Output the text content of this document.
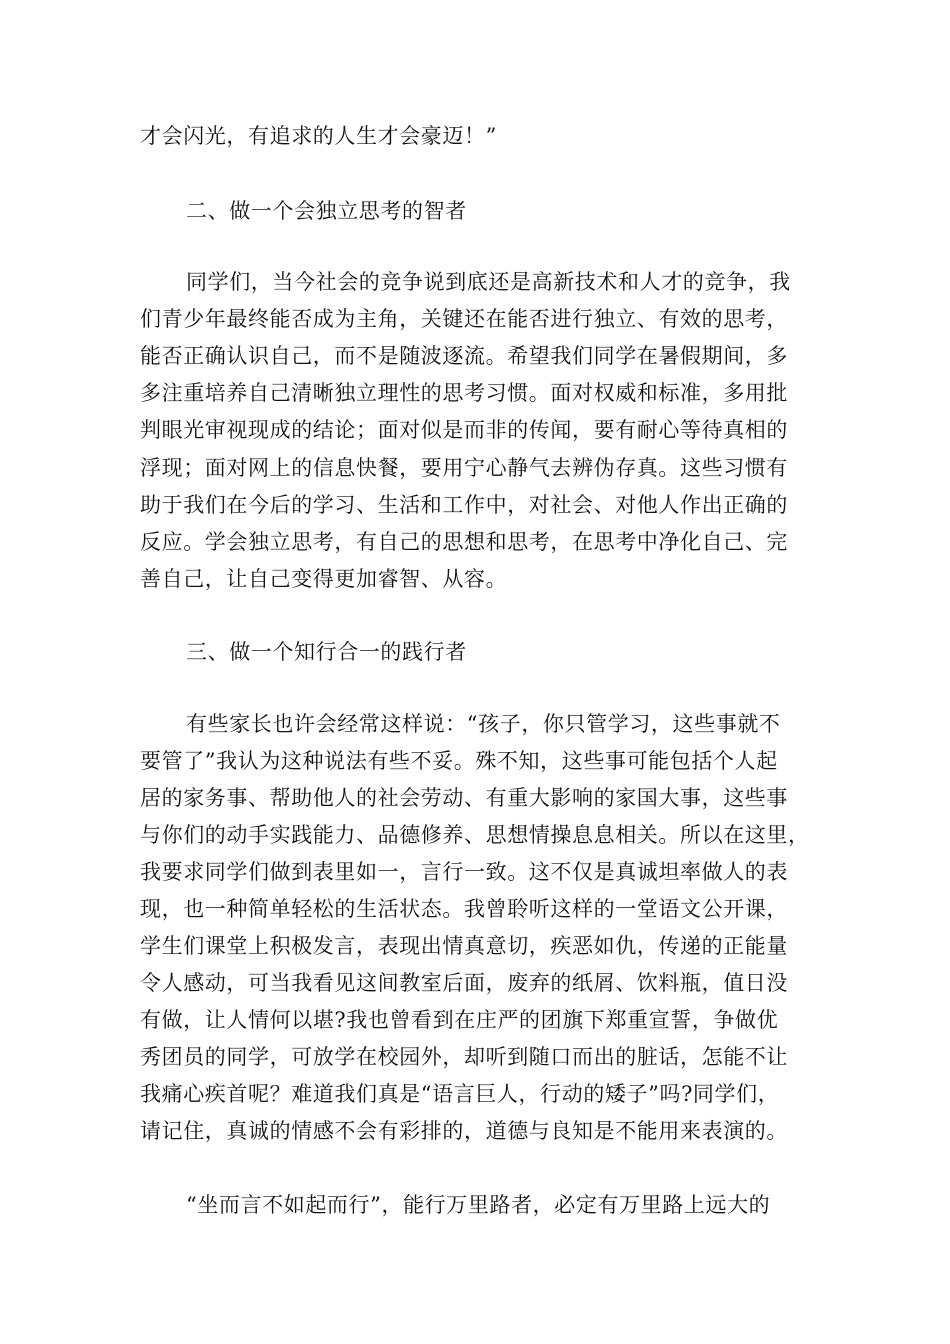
才会闪光，有追求的人生才会豪迈！”
二、做一个会独立思考的智者
同学们，当今社会的竞争说到底还是高新技术和人才的竞争，我
们青少年最终能否成为主角，关键还在能否进行独立、有效的思考，
能否正确认识自己，而不是随波逐流。希望我们同学在暑假期间，多
多注重培养自己清晰独立理性的思考习惯。面对权威和标准，多用批
判眼光审视现成的结论；面对似是而非的传闻，要有耐心等待真相的
浮现；面对网上的信息快餐，要用宁心静气去辨伪存真。这些习惯有
助于我们在今后的学习、生活和工作中，对社会、对他人作出正确的
反应。学会独立思考，有自己的思想和思考，在思考中净化自己、完
善自己，让自己变得更加睿智、从容。
三、做一个知行合一的践行者
有些家长也许会经常这样说：“孩子，你只管学习，这些事就不
要管了”我认为这种说法有些不妥。殊不知，这些事可能包括个人起
居的家务事、帮助他人的社会劳动、有重大影响的家国大事，这些事
与你们的动手实践能力、品德修养、思想情操息息相关。所以在这里，
我要求同学们做到表里如一，言行一致。这不仅是真诚坦率做人的表
现，也一种简单轻松的生活状态。我曾聆听这样的一堂语文公开课，
学生们课堂上积极发言，表现出情真意切，疾恶如仇，传递的正能量
令人感动，可当我看见这间教室后面，废弃的纸屑、饮料瓶，值日没
有做，让人情何以堪?我也曾看到在庄严的团旗下郑重宣誓，争做优
秀团员的同学，可放学在校园外，却听到随口而出的脏话，怎能不让
我痛心疾首呢？难道我们真是“语言巨人，行动的矮子”吗?同学们，
请记住，真诚的情感不会有彩排的，道德与良知是不能用来表演的。
“坐而言不如起而行”，能行万里路者，必定有万里路上远大的
